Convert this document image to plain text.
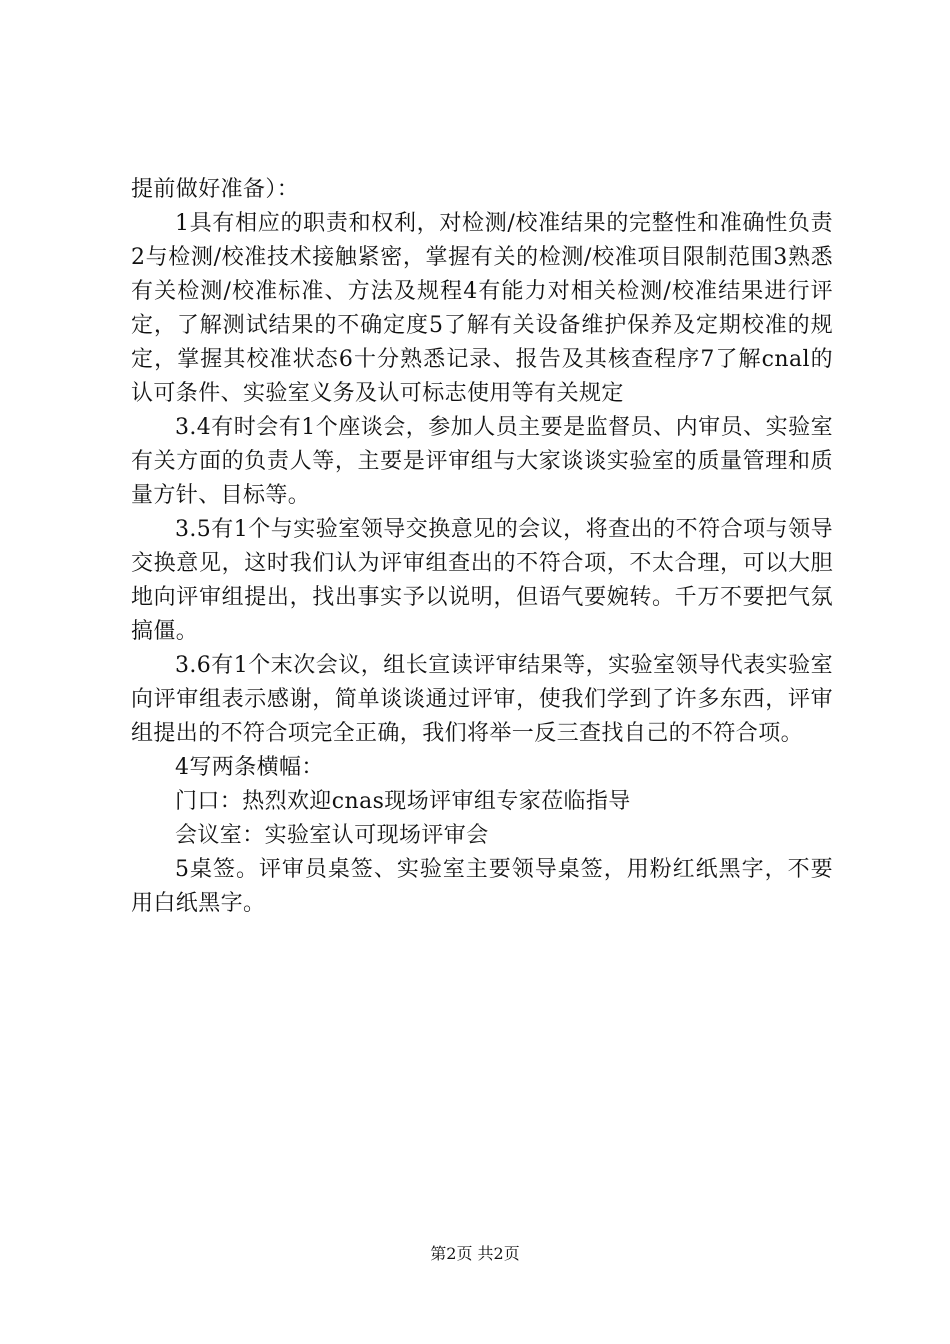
提前做好准备）：

1具有相应的职责和权利，对检测/校准结果的完整性和准确性负责2与检测/校准技术接触紧密，掌握有关的检测/校准项目限制范围3熟悉有关检测/校准标准、方法及规程4有能力对相关检测/校准结果进行评定，了解测试结果的不确定度5了解有关设备维护保养及定期校准的规定，掌握其校准状态6十分熟悉记录、报告及其核查程序7了解cnal的认可条件、实验室义务及认可标志使用等有关规定

3.4有时会有1个座谈会，参加人员主要是监督员、内审员、实验室有关方面的负责人等，主要是评审组与大家谈谈实验室的质量管理和质量方针、目标等。

3.5有1个与实验室领导交换意见的会议，将查出的不符合项与领导交换意见，这时我们认为评审组查出的不符合项，不太合理，可以大胆地向评审组提出，找出事实予以说明，但语气要婉转。千万不要把气氛搞僵。

3.6有1个末次会议，组长宣读评审结果等，实验室领导代表实验室向评审组表示感谢，简单谈谈通过评审，使我们学到了许多东西，评审组提出的不符合项完全正确，我们将举一反三查找自己的不符合项。

4写两条横幅：

门口：热烈欢迎cnas现场评审组专家莅临指导

会议室：实验室认可现场评审会

5桌签。评审员桌签、实验室主要领导桌签，用粉红纸黑字，不要用白纸黑字。

第2页 共2页
